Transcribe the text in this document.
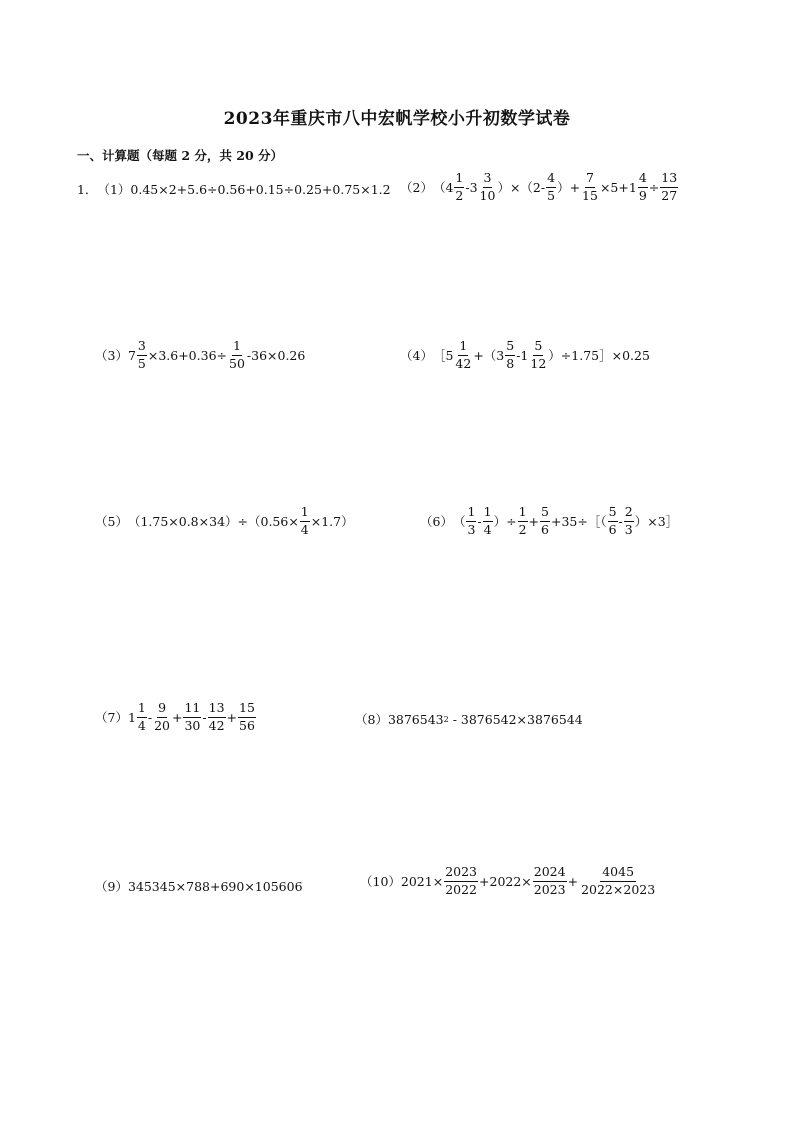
2023年重庆市八中宏帆学校小升初数学试卷
一、计算题（每题 2 分，共 20 分）
1． （1） 0.45×2+5.6÷0.56+0.15÷0.25+0.75×1.2 （2） $(4 \frac{1}{2} -3 \frac{3}{10} )\times(2- \frac{4}{5}$ ）+ $\frac{7}{15} \times 5+1 \frac{4}{9} \div \frac{13}{27}$
（3） $7 \frac{3}{5} \times 3.6+0.36\div \frac{1}{50} -36\times 0.26$	（4） ［5 $\frac{1}{42} +(3 \frac{5}{8} -1 \frac{5}{12}$ ）÷1.75］×0.25
（5） $(1.75\times 0.8\times 34)\div(0.56\times \frac{1}{4} \times 1.7)$	（6） （ $\frac{1}{3} - \frac{1}{4}$ ）÷ $\frac{1}{2} + \frac{5}{6}$ +35÷［（ $\frac{5}{6} - \frac{2}{3}$ ）×3］
（7） $1 \frac{1}{4} - \frac{9}{20} + \frac{11}{30} - \frac{13}{42} + \frac{15}{56}$	（8） 3876543 2 - 3876542×3876544
（9） 345345×788+690×105606	（10） $2021\times \frac{2023}{2022} +2022\times \frac{2024}{2023} + \frac{4045}{2022\times 2023}$
